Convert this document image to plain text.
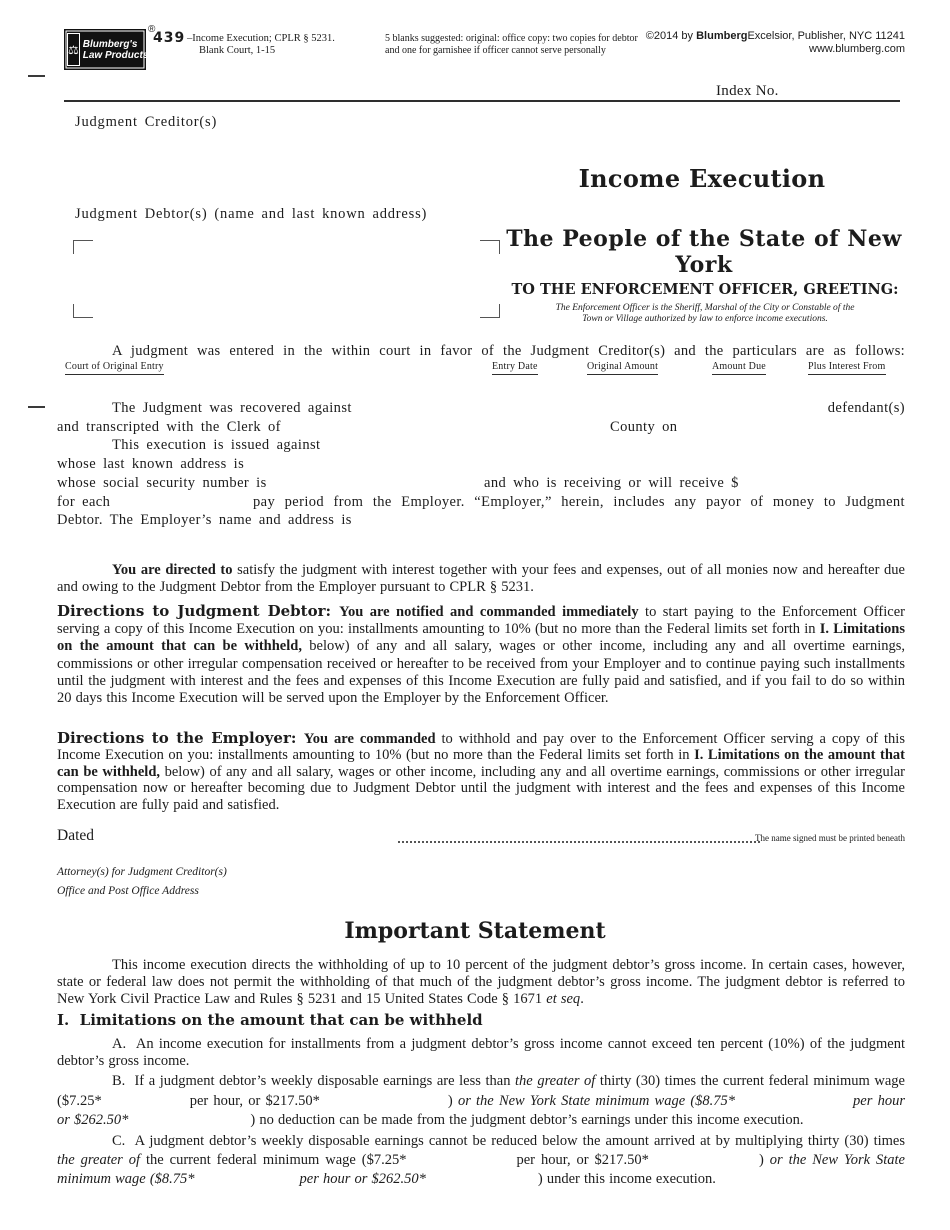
⚖ Blumberg's
Law Products
®
439 –Income Execution; CPLR § 5231.
Blank Court, 1-15
5 blanks suggested: original: office copy: two copies for debtor
and one for garnishee if officer cannot serve personally
©2014 by BlumbergExcelsior, Publisher, NYC 11241
www.blumberg.com
Index No.
Judgment Creditor(s)
Income Execution
Judgment Debtor(s) (name and last known address)
The People of the State of New York
TO THE ENFORCEMENT OFFICER, GREETING:
The Enforcement Officer is the Sheriff, Marshal of the City or Constable of the
Town or Village authorized by law to enforce income executions.
A judgment was entered in the within court in favor of the Judgment Creditor(s) and the particulars are as follows:
Court of Original Entry	Entry Date	Original Amount	Amount Due	Plus Interest From
The Judgment was recovered against	defendant(s)
and transcripted with the Clerk of	County on
This execution is issued against
whose last known address is
whose social security number is	and who is receiving or will receive $
for each	pay period from the Employer. “Employer,” herein, includes any payor of money to Judgment
Debtor. The Employer’s name and address is
You are directed to satisfy the judgment with interest together with your fees and expenses, out of all monies now and hereafter due and owing to the Judgment Debtor from the Employer pursuant to CPLR § 5231.
Directions to Judgment Debtor: You are notified and commanded immediately to start paying to the Enforcement Officer serving a copy of this Income Execution on you: installments amounting to 10% (but no more than the Federal limits set forth in I. Limitations on the amount that can be withheld, below) of any and all salary, wages or other income, including any and all overtime earnings, commissions or other irregular compensation received or hereafter to be received from your Employer and to continue paying such installments until the judgment with interest and the fees and expenses of this Income Execution are fully paid and satisfied, and if you fail to do so within 20 days this Income Execution will be served upon the Employer by the Enforcement Officer.
Directions to the Employer: You are commanded to withhold and pay over to the Enforcement Officer serving a copy of this Income Execution on you: installments amounting to 10% (but no more than the Federal limits set forth in I. Limitations on the amount that can be withheld, below) of any and all salary, wages or other income, including any and all overtime earnings, commissions or other irregular compensation now or hereafter becoming due to Judgment Debtor until the judgment with interest and the fees and expenses of this Income Execution are fully paid and satisfied.
Dated	The name signed must be printed beneath
Attorney(s) for Judgment Creditor(s)
Office and Post Office Address
Important Statement
This income execution directs the withholding of up to 10 percent of the judgment debtor’s gross income. In certain cases, however, state or federal law does not permit the withholding of that much of the judgment debtor’s gross income. The judgment debtor is referred to New York Civil Practice Law and Rules § 5231 and 15 United States Code § 1671 et seq.
I.  Limitations on the amount that can be withheld
A.  An income execution for installments from a judgment debtor’s gross income cannot exceed ten percent (10%) of the judgment debtor’s gross income.
B.  If a judgment debtor’s weekly disposable earnings are less than the greater of thirty (30) times the current federal minimum wage ($7.25*	per hour, or $217.50*	) or the New York State minimum wage ($8.75*	per hour or $262.50*	) no deduction can be made from the judgment debtor’s earnings under this income execution.
C.  A judgment debtor’s weekly disposable earnings cannot be reduced below the amount arrived at by multiplying thirty (30) times the greater of the current federal minimum wage ($7.25*	per hour, or $217.50*	) or the New York State minimum wage ($8.75*	per hour or $262.50*	) under this income execution.
